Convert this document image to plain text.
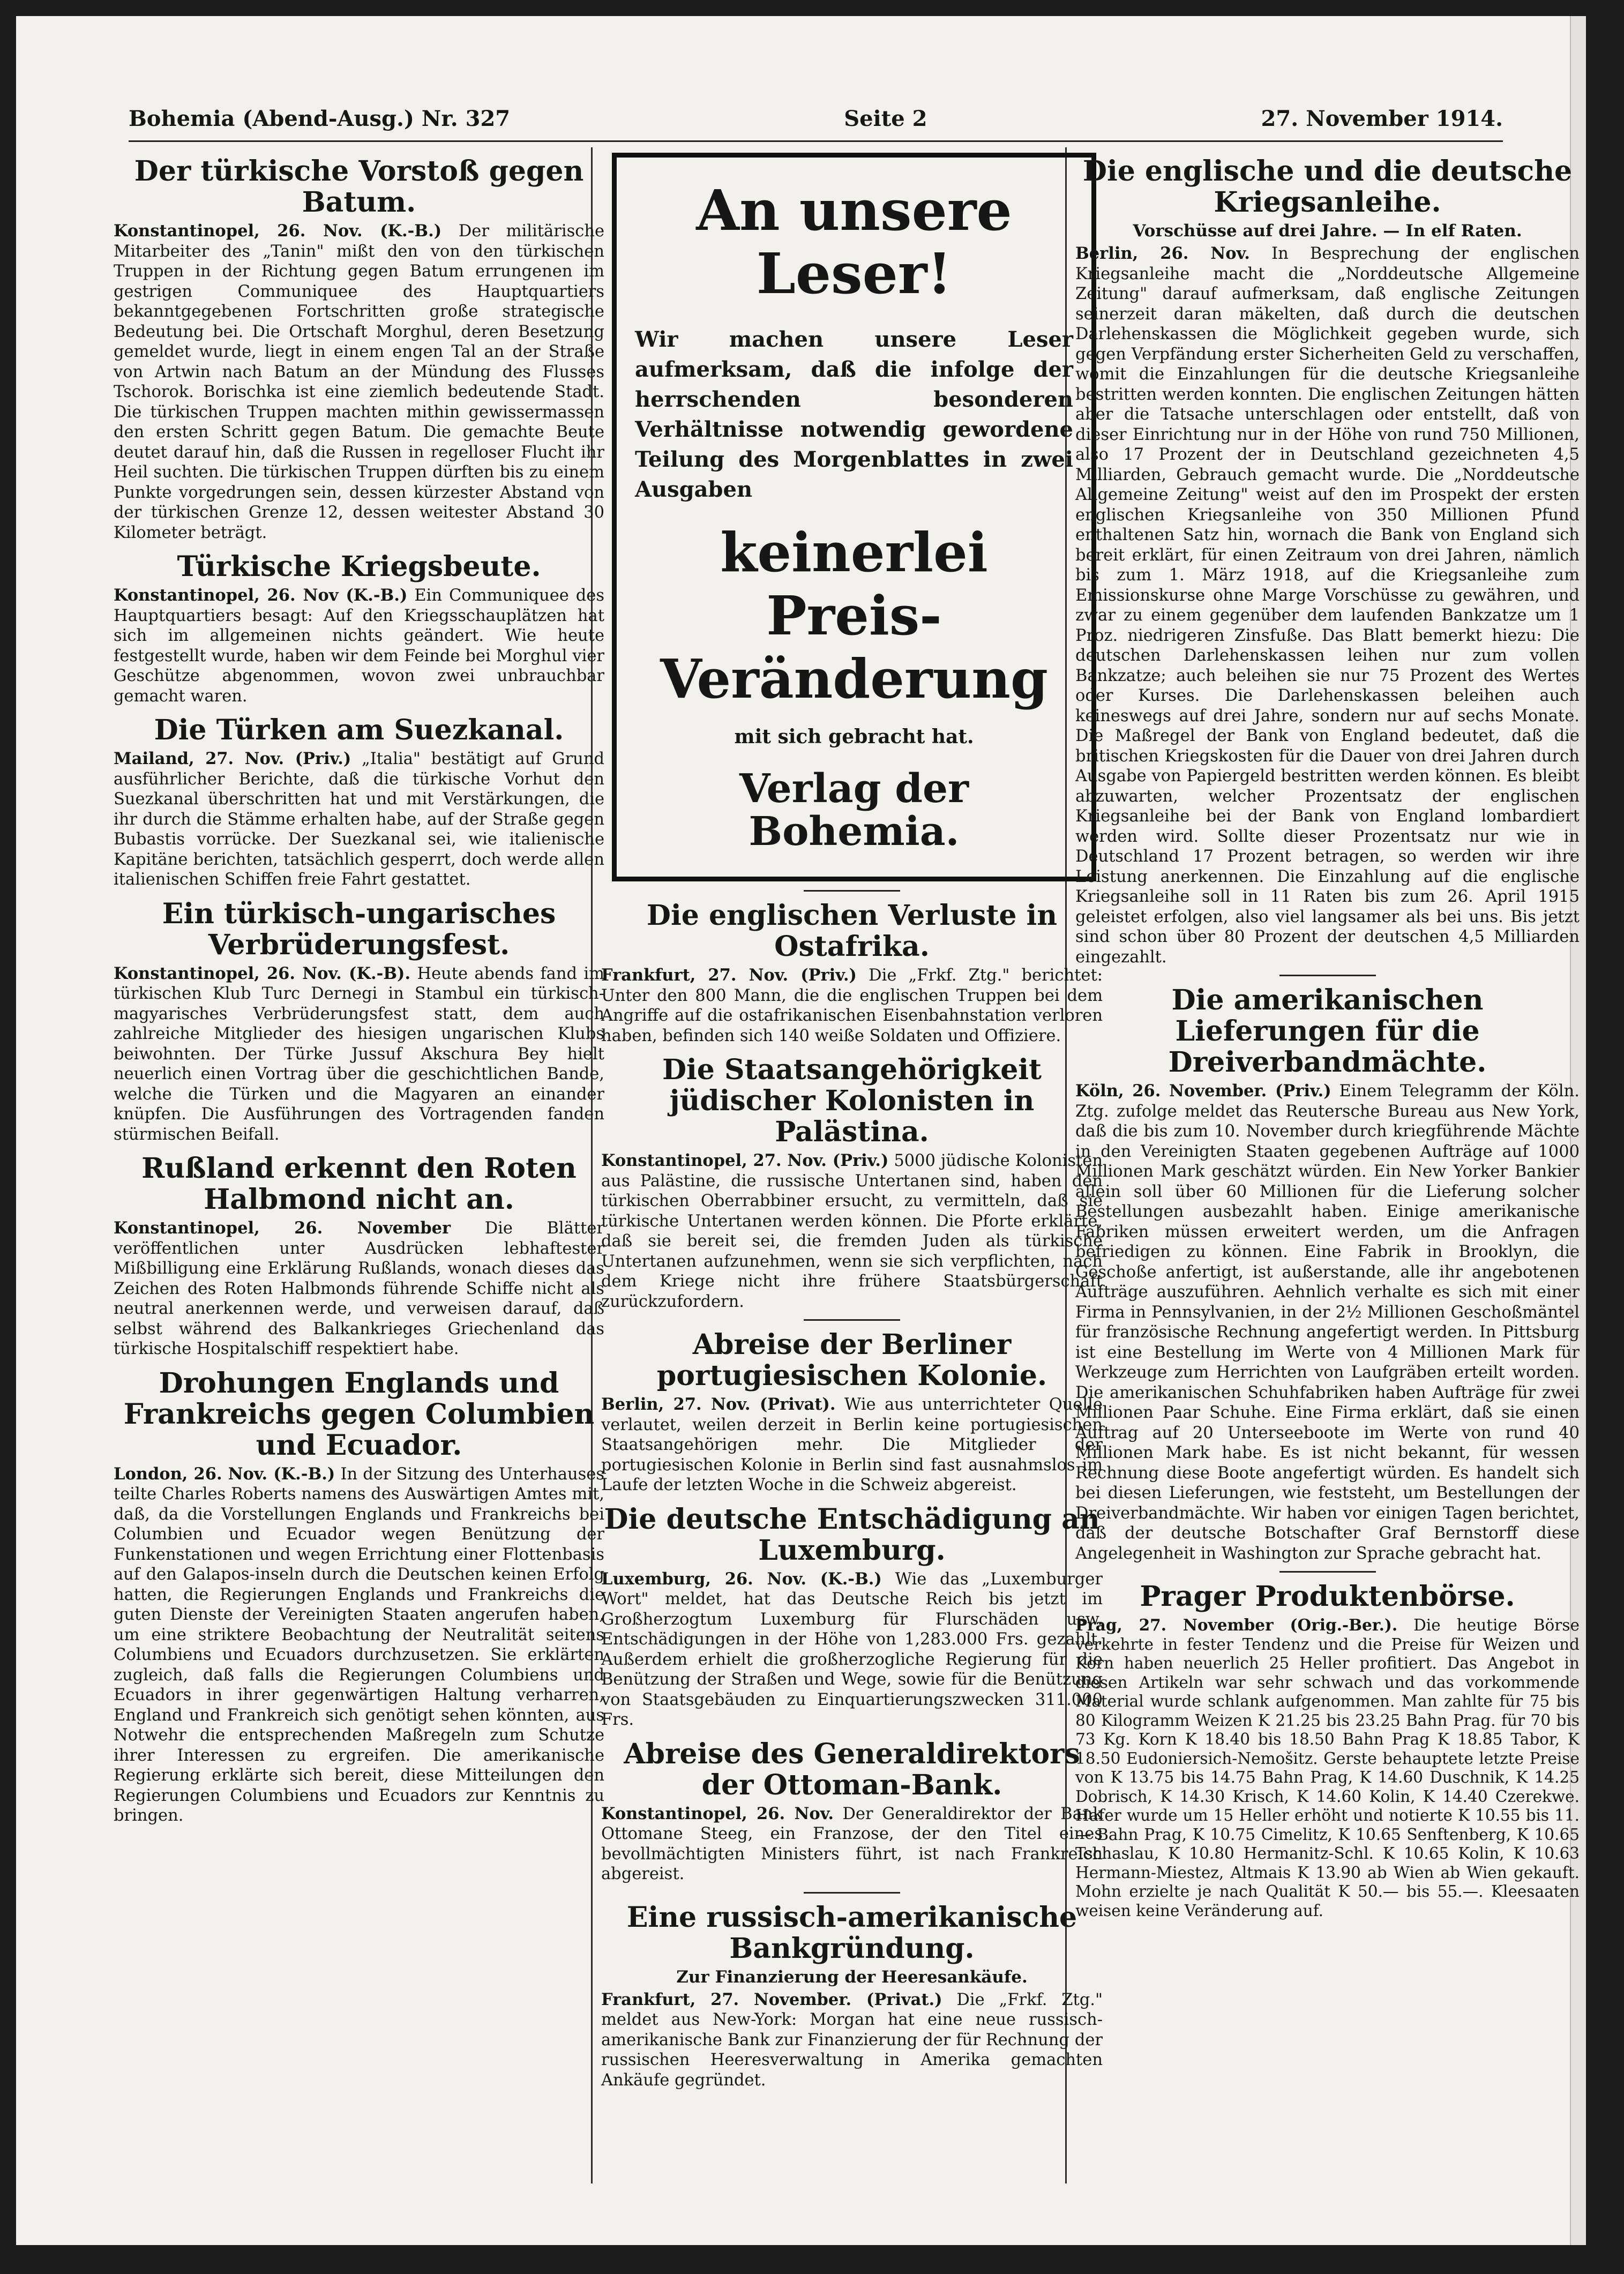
Bohemia (Abend-Ausg.) Nr. 327	Seite 2	27. November 1914.
Der türkische Vorstoß gegen Batum.
Konstantinopel, 26. Nov. (K.-B.) Der militärische Mitarbeiter des „Tanin" mißt den von den türkischen Truppen in der Richtung gegen Batum errungenen im gestrigen Communiquee des Hauptquartiers bekanntgegebenen Fortschritten große strategische Bedeutung bei. Die Ortschaft Morghul, deren Besetzung gemeldet wurde, liegt in einem engen Tal an der Straße von Artwin nach Batum an der Mündung des Flusses Tschorok. Borischka ist eine ziemlich bedeutende Stadt. Die türkischen Truppen machten mithin gewissermassen den ersten Schritt gegen Batum. Die gemachte Beute deutet darauf hin, daß die Russen in regelloser Flucht ihr Heil suchten. Die türkischen Truppen dürften bis zu einem Punkte vorgedrungen sein, dessen kürzester Abstand von der türkischen Grenze 12, dessen weitester Abstand 30 Kilometer beträgt.
Türkische Kriegsbeute.
Konstantinopel, 26. Nov (K.-B.) Ein Communiquee des Hauptquartiers besagt: Auf den Kriegsschauplätzen hat sich im allgemeinen nichts geändert. Wie heute festgestellt wurde, haben wir dem Feinde bei Morghul vier Geschütze abgenommen, wovon zwei unbrauchbar gemacht waren.
Die Türken am Suezkanal.
Mailand, 27. Nov. (Priv.) „Italia" bestätigt auf Grund ausführlicher Berichte, daß die türkische Vorhut den Suezkanal überschritten hat und mit Verstärkungen, die ihr durch die Stämme erhalten habe, auf der Straße gegen Bubastis vorrücke. Der Suezkanal sei, wie italienische Kapitäne berichten, tatsächlich gesperrt, doch werde allen italienischen Schiffen freie Fahrt gestattet.
Ein türkisch-ungarisches Verbrüderungsfest.
Konstantinopel, 26. Nov. (K.-B). Heute abends fand im türkischen Klub Turc Dernegi in Stambul ein türkisch-magyarisches Verbrüderungsfest statt, dem auch zahlreiche Mitglieder des hiesigen ungarischen Klubs beiwohnten. Der Türke Jussuf Akschura Bey hielt neuerlich einen Vortrag über die geschichtlichen Bande, welche die Türken und die Magyaren an einander knüpfen. Die Ausführungen des Vortragenden fanden stürmischen Beifall.
Rußland erkennt den Roten Halbmond nicht an.
Konstantinopel, 26. November Die Blätter veröffentlichen unter Ausdrücken lebhaftester Mißbilligung eine Erklärung Rußlands, wonach dieses das Zeichen des Roten Halbmonds führende Schiffe nicht als neutral anerkennen werde, und verweisen darauf, daß selbst während des Balkankrieges Griechenland das türkische Hospitalschiff respektiert habe.
Drohungen Englands und Frankreichs gegen Columbien und Ecuador.
London, 26. Nov. (K.-B.) In der Sitzung des Unterhauses teilte Charles Roberts namens des Auswärtigen Amtes mit, daß, da die Vorstellungen Englands und Frankreichs bei Columbien und Ecuador wegen Benützung der Funkenstationen und wegen Errichtung einer Flottenbasis auf den Galapos-inseln durch die Deutschen keinen Erfolg hatten, die Regierungen Englands und Frankreichs die guten Dienste der Vereinigten Staaten angerufen haben, um eine striktere Beobachtung der Neutralität seitens Columbiens und Ecuadors durchzusetzen. Sie erklärten zugleich, daß falls die Regierungen Columbiens und Ecuadors in ihrer gegenwärtigen Haltung verharren, England und Frankreich sich genötigt sehen könnten, aus Notwehr die entsprechenden Maßregeln zum Schutze ihrer Interessen zu ergreifen. Die amerikanische Regierung erklärte sich bereit, diese Mitteilungen den Regierungen Columbiens und Ecuadors zur Kenntnis zu bringen.
An unsere Leser!
Wir machen unsere Leser aufmerksam, daß die infolge der herrschenden besonderen Verhältnisse notwendig gewordene Teilung des Morgenblattes in zwei Ausgaben
keinerlei Preis-Veränderung
mit sich gebracht hat.
Verlag der Bohemia.
Die englischen Verluste in Ostafrika.
Frankfurt, 27. Nov. (Priv.) Die „Frkf. Ztg." berichtet: Unter den 800 Mann, die die englischen Truppen bei dem Angriffe auf die ostafrikanischen Eisenbahnstation verloren haben, befinden sich 140 weiße Soldaten und Offiziere.
Die Staatsangehörigkeit jüdischer Kolonisten in Palästina.
Konstantinopel, 27. Nov. (Priv.) 5000 jüdische Kolonisten aus Palästine, die russische Untertanen sind, haben den türkischen Oberrabbiner ersucht, zu vermitteln, daß sie türkische Untertanen werden können. Die Pforte erklärte, daß sie bereit sei, die fremden Juden als türkische Untertanen aufzunehmen, wenn sie sich verpflichten, nach dem Kriege nicht ihre frühere Staatsbürgerschaft zurückzufordern.
Abreise der Berliner portugiesischen Kolonie.
Berlin, 27. Nov. (Privat). Wie aus unterrichteter Quelle verlautet, weilen derzeit in Berlin keine portugiesischen Staatsangehörigen mehr. Die Mitglieder der portugiesischen Kolonie in Berlin sind fast ausnahmslos im Laufe der letzten Woche in die Schweiz abgereist.
Die deutsche Entschädigung an Luxemburg.
Luxemburg, 26. Nov. (K.-B.) Wie das „Luxemburger Wort" meldet, hat das Deutsche Reich bis jetzt im Großherzogtum Luxemburg für Flurschäden usw. Entschädigungen in der Höhe von 1,283.000 Frs. gezahlt. Außerdem erhielt die großherzogliche Regierung für die Benützung der Straßen und Wege, sowie für die Benützung von Staatsgebäuden zu Einquartierungszwecken 311.000 Frs.
Abreise des Generaldirektors der Ottoman-Bank.
Konstantinopel, 26. Nov. Der Generaldirektor der Bank Ottomane Steeg, ein Franzose, der den Titel eines bevollmächtigten Ministers führt, ist nach Frankreich abgereist.
Eine russisch-amerikanische Bankgründung.
Zur Finanzierung der Heeresankäufe.
Frankfurt, 27. November. (Privat.) Die „Frkf. Ztg." meldet aus New-York: Morgan hat eine neue russisch-amerikanische Bank zur Finanzierung der für Rechnung der russischen Heeresverwaltung in Amerika gemachten Ankäufe gegründet.
Die englische und die deutsche Kriegsanleihe.
Vorschüsse auf drei Jahre. — In elf Raten.
Berlin, 26. Nov. In Besprechung der englischen Kriegsanleihe macht die „Norddeutsche Allgemeine Zeitung" darauf aufmerksam, daß englische Zeitungen seinerzeit daran mäkelten, daß durch die deutschen Darlehenskassen die Möglichkeit gegeben wurde, sich gegen Verpfändung erster Sicherheiten Geld zu verschaffen, womit die Einzahlungen für die deutsche Kriegsanleihe bestritten werden konnten. Die englischen Zeitungen hätten aber die Tatsache unterschlagen oder entstellt, daß von dieser Einrichtung nur in der Höhe von rund 750 Millionen, also 17 Prozent der in Deutschland gezeichneten 4,5 Milliarden, Gebrauch gemacht wurde. Die „Norddeutsche Allgemeine Zeitung" weist auf den im Prospekt der ersten englischen Kriegsanleihe von 350 Millionen Pfund enthaltenen Satz hin, wornach die Bank von England sich bereit erklärt, für einen Zeitraum von drei Jahren, nämlich bis zum 1. März 1918, auf die Kriegsanleihe zum Emissionskurse ohne Marge Vorschüsse zu gewähren, und zwar zu einem gegenüber dem laufenden Bankzatze um 1 Proz. niedrigeren Zinsfuße. Das Blatt bemerkt hiezu: Die deutschen Darlehenskassen leihen nur zum vollen Bankzatze; auch beleihen sie nur 75 Prozent des Wertes oder Kurses. Die Darlehenskassen beleihen auch keineswegs auf drei Jahre, sondern nur auf sechs Monate. Die Maßregel der Bank von England bedeutet, daß die britischen Kriegskosten für die Dauer von drei Jahren durch Ausgabe von Papiergeld bestritten werden können. Es bleibt abzuwarten, welcher Prozentsatz der englischen Kriegsanleihe bei der Bank von England lombardiert werden wird. Sollte dieser Prozentsatz nur wie in Deutschland 17 Prozent betragen, so werden wir ihre Leistung anerkennen. Die Einzahlung auf die englische Kriegsanleihe soll in 11 Raten bis zum 26. April 1915 geleistet erfolgen, also viel langsamer als bei uns. Bis jetzt sind schon über 80 Prozent der deutschen 4,5 Milliarden eingezahlt.
Die amerikanischen Lieferungen für die Dreiverbandmächte.
Köln, 26. November. (Priv.) Einem Telegramm der Köln. Ztg. zufolge meldet das Reutersche Bureau aus New York, daß die bis zum 10. November durch kriegführende Mächte in den Vereinigten Staaten gegebenen Aufträge auf 1000 Millionen Mark geschätzt würden. Ein New Yorker Bankier allein soll über 60 Millionen für die Lieferung solcher Bestellungen ausbezahlt haben. Einige amerikanische Fabriken müssen erweitert werden, um die Anfragen befriedigen zu können. Eine Fabrik in Brooklyn, die Geschoße anfertigt, ist außerstande, alle ihr angebotenen Aufträge auszuführen. Aehnlich verhalte es sich mit einer Firma in Pennsylvanien, in der 2½ Millionen Geschoßmäntel für französische Rechnung angefertigt werden. In Pittsburg ist eine Bestellung im Werte von 4 Millionen Mark für Werkzeuge zum Herrichten von Laufgräben erteilt worden. Die amerikanischen Schuhfabriken haben Aufträge für zwei Millionen Paar Schuhe. Eine Firma erklärt, daß sie einen Auftrag auf 20 Unterseeboote im Werte von rund 40 Millionen Mark habe. Es ist nicht bekannt, für wessen Rechnung diese Boote angefertigt würden. Es handelt sich bei diesen Lieferungen, wie feststeht, um Bestellungen der Dreiverbandmächte. Wir haben vor einigen Tagen berichtet, daß der deutsche Botschafter Graf Bernstorff diese Angelegenheit in Washington zur Sprache gebracht hat.
Prager Produktenbörse.
Prag, 27. November (Orig.-Ber.). Die heutige Börse verkehrte in fester Tendenz und die Preise für Weizen und Korn haben neuerlich 25 Heller profitiert. Das Angebot in diesen Artikeln war sehr schwach und das vorkommende Material wurde schlank aufgenommen. Man zahlte für 75 bis 80 Kilogramm Weizen K 21.25 bis 23.25 Bahn Prag. für 70 bis 73 Kg. Korn K 18.40 bis 18.50 Bahn Prag K 18.85 Tabor, K 18.50 Eudoniersich-Nemošitz. Gerste behauptete letzte Preise von K 13.75 bis 14.75 Bahn Prag, K 14.60 Duschnik, K 14.25 Dobrisch, K 14.30 Krisch, K 14.60 Kolin, K 14.40 Czerekwe. Hafer wurde um 15 Heller erhöht und notierte K 10.55 bis 11.— Bahn Prag, K 10.75 Cimelitz, K 10.65 Senftenberg, K 10.65 Tschaslau, K 10.80 Hermanitz-Schl. K 10.65 Kolin, K 10.63 Hermann-Miestez, Altmais K 13.90 ab Wien ab Wien gekauft. Mohn erzielte je nach Qualität K 50.— bis 55.—. Kleesaaten weisen keine Veränderung auf.
